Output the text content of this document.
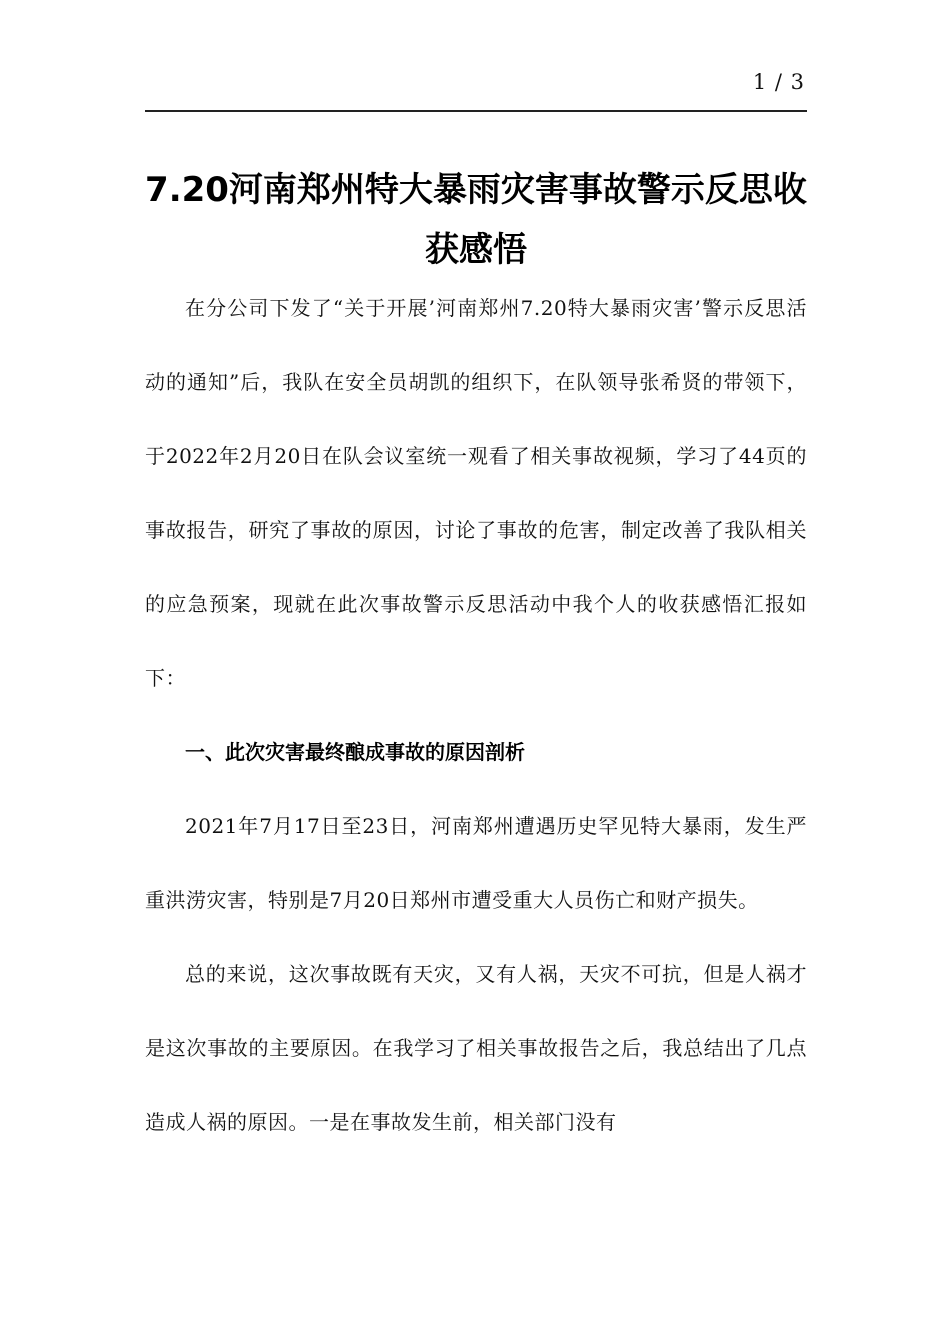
1 / 3
7.20河南郑州特大暴雨灾害事故警示反思收获感悟

在分公司下发了“关于开展’河南郑州7.20特大暴雨灾害’警示反思活动的通知”后，我队在安全员胡凯的组织下，在队领导张希贤的带领下，于2022年2月20日在队会议室统一观看了相关事故视频，学习了44页的事故报告，研究了事故的原因，讨论了事故的危害，制定改善了我队相关的应急预案，现就在此次事故警示反思活动中我个人的收获感悟汇报如下：

一、此次灾害最终酿成事故的原因剖析

2021年7月17日至23日，河南郑州遭遇历史罕见特大暴雨，发生严重洪涝灾害，特别是7月20日郑州市遭受重大人员伤亡和财产损失。

总的来说，这次事故既有天灾，又有人祸，天灾不可抗，但是人祸才是这次事故的主要原因。在我学习了相关事故报告之后，我总结出了几点造成人祸的原因。一是在事故发生前，相关部门没有
